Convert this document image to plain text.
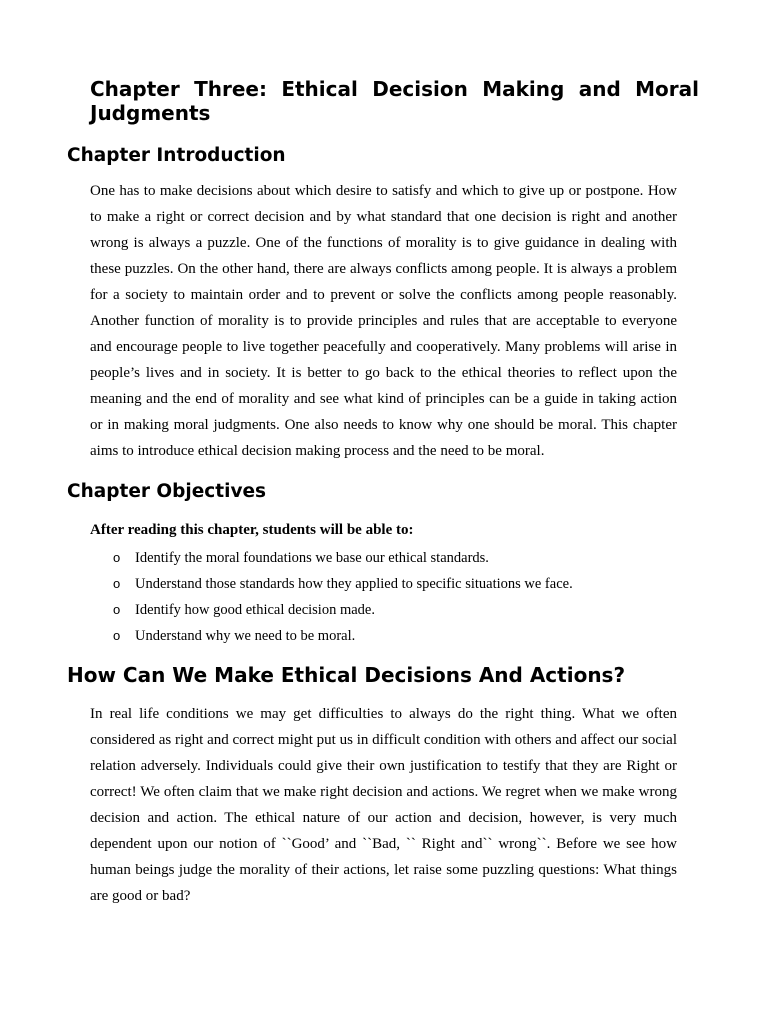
Chapter Three: Ethical Decision Making and Moral Judgments
Chapter Introduction

One has to make decisions about which desire to satisfy and which to give up or postpone. How to make a right or correct decision and by what standard that one decision is right and another wrong is always a puzzle. One of the functions of morality is to give guidance in dealing with these puzzles. On the other hand, there are always conflicts among people. It is always a problem for a society to maintain order and to prevent or solve the conflicts among people reasonably. Another function of morality is to provide principles and rules that are acceptable to everyone and encourage people to live together peacefully and cooperatively. Many problems will arise in people’s lives and in society. It is better to go back to the ethical theories to reflect upon the meaning and the end of morality and see what kind of principles can be a guide in taking action or in making moral judgments. One also needs to know why one should be moral. This chapter aims to introduce ethical decision making process and the need to be moral.

Chapter Objectives

After reading this chapter, students will be able to:

o Identify the moral foundations we base our ethical standards.
o Understand those standards how they applied to specific situations we face.
o Identify how good ethical decision made.
o Understand why we need to be moral.
How Can We Make Ethical Decisions And Actions?

In real life conditions we may get difficulties to always do the right thing. What we often considered as right and correct might put us in difficult condition with others and affect our social relation adversely. Individuals could give their own justification to testify that they are Right or correct! We often claim that we make right decision and actions. We regret when we make wrong decision and action. The ethical nature of our action and decision, however, is very much dependent upon our notion of ``Good’ and ``Bad, `` Right and`` wrong``. Before we see how human beings judge the morality of their actions, let raise some puzzling questions: What things are good or bad?
